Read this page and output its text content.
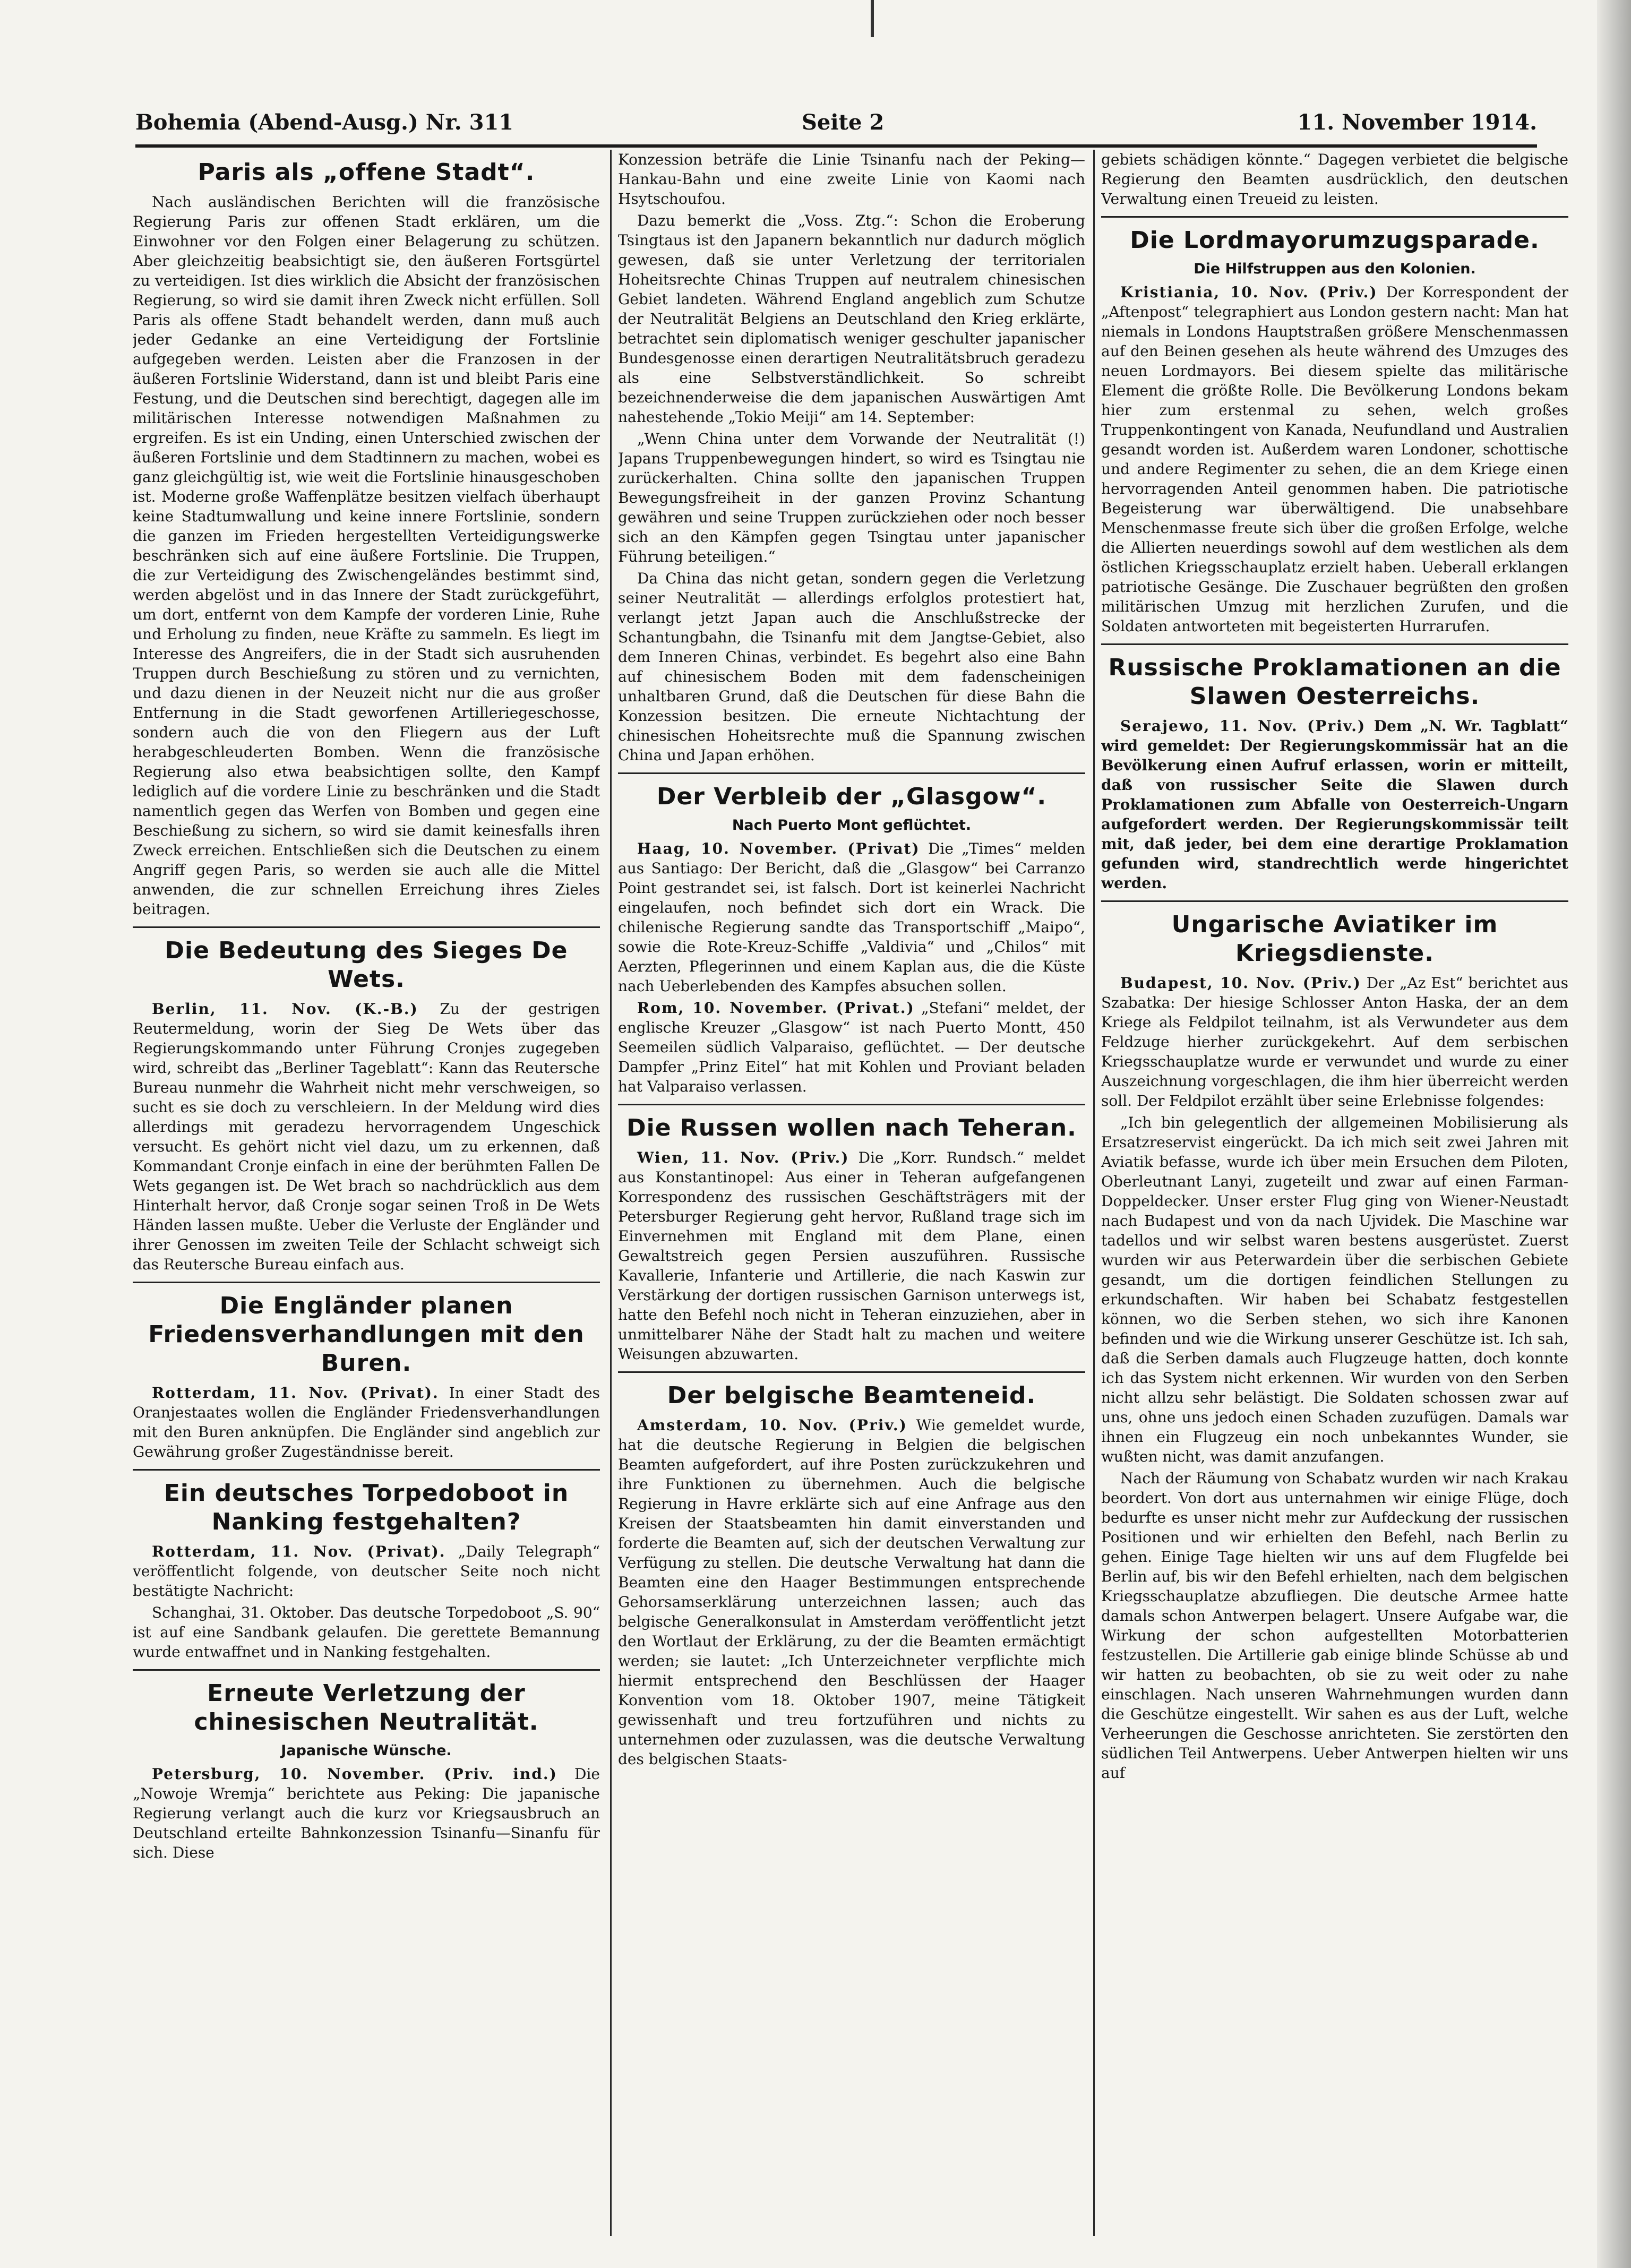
Bohemia (Abend-Ausg.) Nr. 311	Seite 2	11. November 1914.
Paris als „offene Stadt“.

Nach ausländischen Berichten will die französische Regierung Paris zur offenen Stadt erklären, um die Einwohner vor den Folgen einer Belagerung zu schützen. Aber gleichzeitig beabsichtigt sie, den äußeren Fortsgürtel zu verteidigen. Ist dies wirklich die Absicht der französischen Regierung, so wird sie damit ihren Zweck nicht erfüllen. Soll Paris als offene Stadt behandelt werden, dann muß auch jeder Gedanke an eine Verteidigung der Fortslinie aufgegeben werden. Leisten aber die Franzosen in der äußeren Fortslinie Widerstand, dann ist und bleibt Paris eine Festung, und die Deutschen sind berechtigt, dagegen alle im militärischen Interesse notwendigen Maßnahmen zu ergreifen. Es ist ein Unding, einen Unterschied zwischen der äußeren Fortslinie und dem Stadtinnern zu machen, wobei es ganz gleichgültig ist, wie weit die Fortslinie hinausgeschoben ist. Moderne große Waffenplätze besitzen vielfach überhaupt keine Stadtumwallung und keine innere Fortslinie, sondern die ganzen im Frieden hergestellten Verteidigungswerke beschränken sich auf eine äußere Fortslinie. Die Truppen, die zur Verteidigung des Zwischengeländes bestimmt sind, werden abgelöst und in das Innere der Stadt zurückgeführt, um dort, entfernt von dem Kampfe der vorderen Linie, Ruhe und Erholung zu finden, neue Kräfte zu sammeln. Es liegt im Interesse des Angreifers, die in der Stadt sich ausruhenden Truppen durch Beschießung zu stören und zu vernichten, und dazu dienen in der Neuzeit nicht nur die aus großer Entfernung in die Stadt geworfenen Artilleriegeschosse, sondern auch die von den Fliegern aus der Luft herabgeschleuderten Bomben. Wenn die französische Regierung also etwa beabsichtigen sollte, den Kampf lediglich auf die vordere Linie zu beschränken und die Stadt namentlich gegen das Werfen von Bomben und gegen eine Beschießung zu sichern, so wird sie damit keinesfalls ihren Zweck erreichen. Entschließen sich die Deutschen zu einem Angriff gegen Paris, so werden sie auch alle die Mittel anwenden, die zur schnellen Erreichung ihres Zieles beitragen.

Die Bedeutung des Sieges De Wets.

Berlin, 11. Nov. (K.-B.) Zu der gestrigen Reutermeldung, worin der Sieg De Wets über das Regierungskommando unter Führung Cronjes zugegeben wird, schreibt das „Berliner Tageblatt“: Kann das Reutersche Bureau nunmehr die Wahrheit nicht mehr verschweigen, so sucht es sie doch zu verschleiern. In der Meldung wird dies allerdings mit geradezu hervorragendem Ungeschick versucht. Es gehört nicht viel dazu, um zu erkennen, daß Kommandant Cronje einfach in eine der berühmten Fallen De Wets gegangen ist. De Wet brach so nachdrücklich aus dem Hinterhalt hervor, daß Cronje sogar seinen Troß in De Wets Händen lassen mußte. Ueber die Verluste der Engländer und ihrer Genossen im zweiten Teile der Schlacht schweigt sich das Reutersche Bureau einfach aus.

Die Engländer planen Friedensverhandlungen mit den Buren.

Rotterdam, 11. Nov. (Privat). In einer Stadt des Oranjestaates wollen die Engländer Friedensverhandlungen mit den Buren anknüpfen. Die Engländer sind angeblich zur Gewährung großer Zugeständnisse bereit.

Ein deutsches Torpedoboot in Nanking festgehalten?

Rotterdam, 11. Nov. (Privat). „Daily Telegraph“ veröffentlicht folgende, von deutscher Seite noch nicht bestätigte Nachricht:

Schanghai, 31. Oktober. Das deutsche Torpedoboot „S. 90“ ist auf eine Sandbank gelaufen. Die gerettete Bemannung wurde entwaffnet und in Nanking festgehalten.

Erneute Verletzung der chinesischen Neutralität.
Japanische Wünsche.

Petersburg, 10. November. (Priv. ind.) Die „Nowoje Wremja“ berichtete aus Peking: Die japanische Regierung verlangt auch die kurz vor Kriegsausbruch an Deutschland erteilte Bahnkonzession Tsinanfu—Sinanfu für sich. Diese

Konzession beträfe die Linie Tsinanfu nach der Peking—Hankau-Bahn und eine zweite Linie von Kaomi nach Hsytschoufou.

Dazu bemerkt die „Voss. Ztg.“: Schon die Eroberung Tsingtaus ist den Japanern bekanntlich nur dadurch möglich gewesen, daß sie unter Verletzung der territorialen Hoheitsrechte Chinas Truppen auf neutralem chinesischen Gebiet landeten. Während England angeblich zum Schutze der Neutralität Belgiens an Deutschland den Krieg erklärte, betrachtet sein diplomatisch weniger geschulter japanischer Bundesgenosse einen derartigen Neutralitätsbruch geradezu als eine Selbstverständlichkeit. So schreibt bezeichnenderweise die dem japanischen Auswärtigen Amt nahestehende „Tokio Meiji“ am 14. September:

„Wenn China unter dem Vorwande der Neutralität (!) Japans Truppenbewegungen hindert, so wird es Tsingtau nie zurückerhalten. China sollte den japanischen Truppen Bewegungsfreiheit in der ganzen Provinz Schantung gewähren und seine Truppen zurückziehen oder noch besser sich an den Kämpfen gegen Tsingtau unter japanischer Führung beteiligen.“

Da China das nicht getan, sondern gegen die Verletzung seiner Neutralität — allerdings erfolglos protestiert hat, verlangt jetzt Japan auch die Anschlußstrecke der Schantungbahn, die Tsinanfu mit dem Jangtse-Gebiet, also dem Inneren Chinas, verbindet. Es begehrt also eine Bahn auf chinesischem Boden mit dem fadenscheinigen unhaltbaren Grund, daß die Deutschen für diese Bahn die Konzession besitzen. Die erneute Nichtachtung der chinesischen Hoheitsrechte muß die Spannung zwischen China und Japan erhöhen.

Der Verbleib der „Glasgow“.
Nach Puerto Mont geflüchtet.

Haag, 10. November. (Privat) Die „Times“ melden aus Santiago: Der Bericht, daß die „Glasgow“ bei Carranzo Point gestrandet sei, ist falsch. Dort ist keinerlei Nachricht eingelaufen, noch befindet sich dort ein Wrack. Die chilenische Regierung sandte das Transportschiff „Maipo“, sowie die Rote-Kreuz-Schiffe „Valdivia“ und „Chilos“ mit Aerzten, Pflegerinnen und einem Kaplan aus, die die Küste nach Ueberlebenden des Kampfes absuchen sollen.

Rom, 10. November. (Privat.) „Stefani“ meldet, der englische Kreuzer „Glasgow“ ist nach Puerto Montt, 450 Seemeilen südlich Valparaiso, geflüchtet. — Der deutsche Dampfer „Prinz Eitel“ hat mit Kohlen und Proviant beladen hat Valparaiso verlassen.

Die Russen wollen nach Teheran.

Wien, 11. Nov. (Priv.) Die „Korr. Rundsch.“ meldet aus Konstantinopel: Aus einer in Teheran aufgefangenen Korrespondenz des russischen Geschäftsträgers mit der Petersburger Regierung geht hervor, Rußland trage sich im Einvernehmen mit England mit dem Plane, einen Gewaltstreich gegen Persien auszuführen. Russische Kavallerie, Infanterie und Artillerie, die nach Kaswin zur Verstärkung der dortigen russischen Garnison unterwegs ist, hatte den Befehl noch nicht in Teheran einzuziehen, aber in unmittelbarer Nähe der Stadt halt zu machen und weitere Weisungen abzuwarten.

Der belgische Beamteneid.

Amsterdam, 10. Nov. (Priv.) Wie gemeldet wurde, hat die deutsche Regierung in Belgien die belgischen Beamten aufgefordert, auf ihre Posten zurückzukehren und ihre Funktionen zu übernehmen. Auch die belgische Regierung in Havre erklärte sich auf eine Anfrage aus den Kreisen der Staatsbeamten hin damit einverstanden und forderte die Beamten auf, sich der deutschen Verwaltung zur Verfügung zu stellen. Die deutsche Verwaltung hat dann die Beamten eine den Haager Bestimmungen entsprechende Gehorsamserklärung unterzeichnen lassen; auch das belgische Generalkonsulat in Amsterdam veröffentlicht jetzt den Wortlaut der Erklärung, zu der die Beamten ermächtigt werden; sie lautet: „Ich Unterzeichneter verpflichte mich hiermit entsprechend den Beschlüssen der Haager Konvention vom 18. Oktober 1907, meine Tätigkeit gewissenhaft und treu fortzuführen und nichts zu unternehmen oder zuzulassen, was die deutsche Verwaltung des belgischen Staats-

gebiets schädigen könnte.“ Dagegen verbietet die belgische Regierung den Beamten ausdrücklich, den deutschen Verwaltung einen Treueid zu leisten.

Die Lordmayorumzugsparade.
Die Hilfstruppen aus den Kolonien.

Kristiania, 10. Nov. (Priv.) Der Korrespondent der „Aftenpost“ telegraphiert aus London gestern nacht: Man hat niemals in Londons Hauptstraßen größere Menschenmassen auf den Beinen gesehen als heute während des Umzuges des neuen Lordmayors. Bei diesem spielte das militärische Element die größte Rolle. Die Bevölkerung Londons bekam hier zum erstenmal zu sehen, welch großes Truppenkontingent von Kanada, Neufundland und Australien gesandt worden ist. Außerdem waren Londoner, schottische und andere Regimenter zu sehen, die an dem Kriege einen hervorragenden Anteil genommen haben. Die patriotische Begeisterung war überwältigend. Die unabsehbare Menschenmasse freute sich über die großen Erfolge, welche die Allierten neuerdings sowohl auf dem westlichen als dem östlichen Kriegsschauplatz erzielt haben. Ueberall erklangen patriotische Gesänge. Die Zuschauer begrüßten den großen militärischen Umzug mit herzlichen Zurufen, und die Soldaten antworteten mit begeisterten Hurrarufen.

Russische Proklamationen an die Slawen Oesterreichs.

Serajewo, 11. Nov. (Priv.) Dem „N. Wr. Tagblatt“ wird gemeldet: Der Regierungskommissär hat an die Bevölkerung einen Aufruf erlassen, worin er mitteilt, daß von russischer Seite die Slawen durch Proklamationen zum Abfalle von Oesterreich-Ungarn aufgefordert werden. Der Regierungskommissär teilt mit, daß jeder, bei dem eine derartige Proklamation gefunden wird, standrechtlich werde hingerichtet werden.

Ungarische Aviatiker im Kriegsdienste.

Budapest, 10. Nov. (Priv.) Der „Az Est“ berichtet aus Szabatka: Der hiesige Schlosser Anton Haska, der an dem Kriege als Feldpilot teilnahm, ist als Verwundeter aus dem Feldzuge hierher zurückgekehrt. Auf dem serbischen Kriegsschauplatze wurde er verwundet und wurde zu einer Auszeichnung vorgeschlagen, die ihm hier überreicht werden soll. Der Feldpilot erzählt über seine Erlebnisse folgendes:

„Ich bin gelegentlich der allgemeinen Mobilisierung als Ersatzreservist eingerückt. Da ich mich seit zwei Jahren mit Aviatik befasse, wurde ich über mein Ersuchen dem Piloten, Oberleutnant Lanyi, zugeteilt und zwar auf einen Farman-Doppeldecker. Unser erster Flug ging von Wiener-Neustadt nach Budapest und von da nach Ujvidek. Die Maschine war tadellos und wir selbst waren bestens ausgerüstet. Zuerst wurden wir aus Peterwardein über die serbischen Gebiete gesandt, um die dortigen feindlichen Stellungen zu erkundschaften. Wir haben bei Schabatz festgestellen können, wo die Serben stehen, wo sich ihre Kanonen befinden und wie die Wirkung unserer Geschütze ist. Ich sah, daß die Serben damals auch Flugzeuge hatten, doch konnte ich das System nicht erkennen. Wir wurden von den Serben nicht allzu sehr belästigt. Die Soldaten schossen zwar auf uns, ohne uns jedoch einen Schaden zuzufügen. Damals war ihnen ein Flugzeug ein noch unbekanntes Wunder, sie wußten nicht, was damit anzufangen.

Nach der Räumung von Schabatz wurden wir nach Krakau beordert. Von dort aus unternahmen wir einige Flüge, doch bedurfte es unser nicht mehr zur Aufdeckung der russischen Positionen und wir erhielten den Befehl, nach Berlin zu gehen. Einige Tage hielten wir uns auf dem Flugfelde bei Berlin auf, bis wir den Befehl erhielten, nach dem belgischen Kriegsschauplatze abzufliegen. Die deutsche Armee hatte damals schon Antwerpen belagert. Unsere Aufgabe war, die Wirkung der schon aufgestellten Motorbatterien festzustellen. Die Artillerie gab einige blinde Schüsse ab und wir hatten zu beobachten, ob sie zu weit oder zu nahe einschlagen. Nach unseren Wahrnehmungen wurden dann die Geschütze eingestellt. Wir sahen es aus der Luft, welche Verheerungen die Geschosse anrichteten. Sie zerstörten den südlichen Teil Antwerpens. Ueber Antwerpen hielten wir uns auf
